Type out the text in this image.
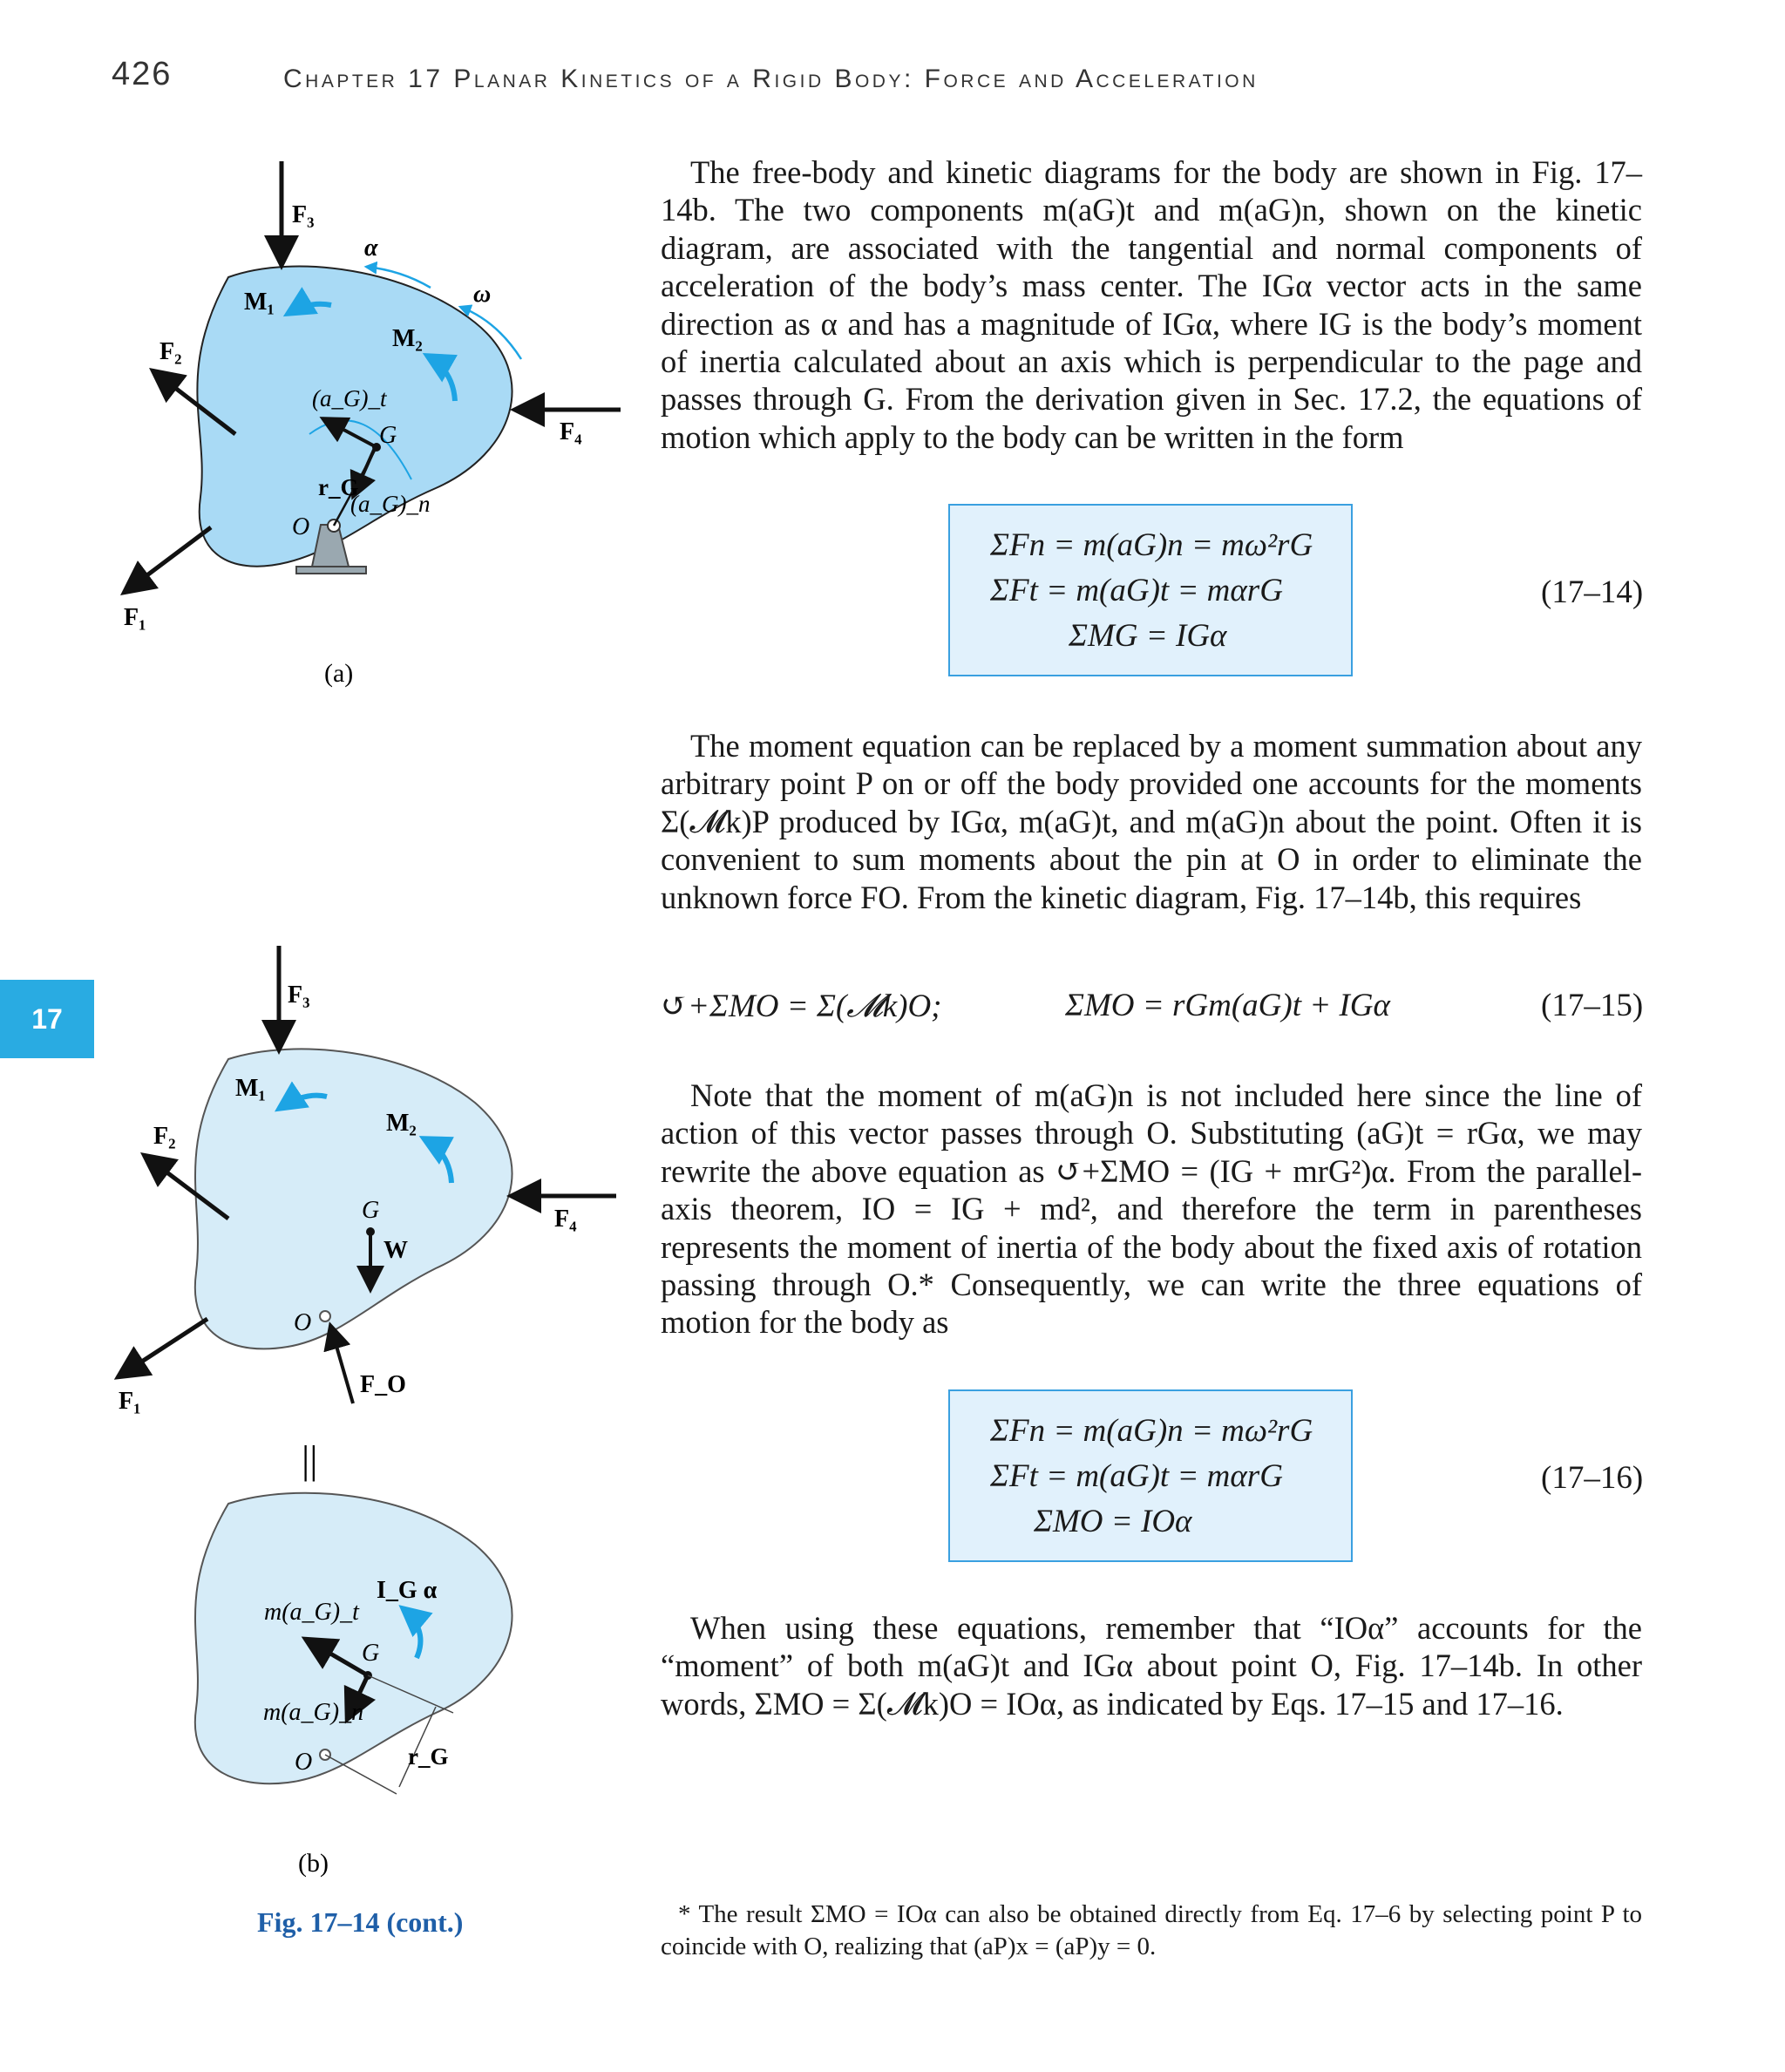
426	Chapter 17 Planar Kinetics of a Rigid Body: Force and Acceleration
17
F₃
M₁
α
ω
M₂
F₂
(a_G)_t
G	F₄
r_G
(a_G)_n
O
F₁
(a)
F₃
M₁
M₂
F₂
G
W
F₄
O
F_O
F₁
||
I_G α
m(a_G)_t
G
m(a_G)_n
O	r_G
(b)
Fig. 17–14 (cont.)

The free-body and kinetic diagrams for the body are shown in Fig. 17–14b. The two components m(aG)t and m(aG)n, shown on the kinetic diagram, are associated with the tangential and normal components of acceleration of the body’s mass center. The IGα vector acts in the same direction as α and has a magnitude of IGα, where IG is the body’s moment of inertia calculated about an axis which is perpendicular to the page and passes through G. From the derivation given in Sec. 17.2, the equations of motion which apply to the body can be written in the form

ΣFn = m(aG)n = mω²rG
ΣFt = m(aG)t = mαrG
ΣMG = IGα
(17–14)

The moment equation can be replaced by a moment summation about any arbitrary point P on or off the body provided one accounts for the moments Σ(𝓜k)P produced by IGα, m(aG)t, and m(aG)n about the point. Often it is convenient to sum moments about the pin at O in order to eliminate the unknown force FO. From the kinetic diagram, Fig. 17–14b, this requires

↺+ΣMO = Σ(𝓜k)O;	ΣMO = rGm(aG)t + IGα	(17–15)

Note that the moment of m(aG)n is not included here since the line of action of this vector passes through O. Substituting (aG)t = rGα, we may rewrite the above equation as ↺+ΣMO = (IG + mrG²)α. From the parallel-axis theorem, IO = IG + md², and therefore the term in parentheses represents the moment of inertia of the body about the fixed axis of rotation passing through O.* Consequently, we can write the three equations of motion for the body as

ΣFn = m(aG)n = mω²rG
ΣFt = m(aG)t = mαrG
ΣMO = IOα
(17–16)

When using these equations, remember that “IOα” accounts for the “moment” of both m(aG)t and IGα about point O, Fig. 17–14b. In other words, ΣMO = Σ(𝓜k)O = IOα, as indicated by Eqs. 17–15 and 17–16.

* The result ΣMO = IOα can also be obtained directly from Eq. 17–6 by selecting point P to coincide with O, realizing that (aP)x = (aP)y = 0.
